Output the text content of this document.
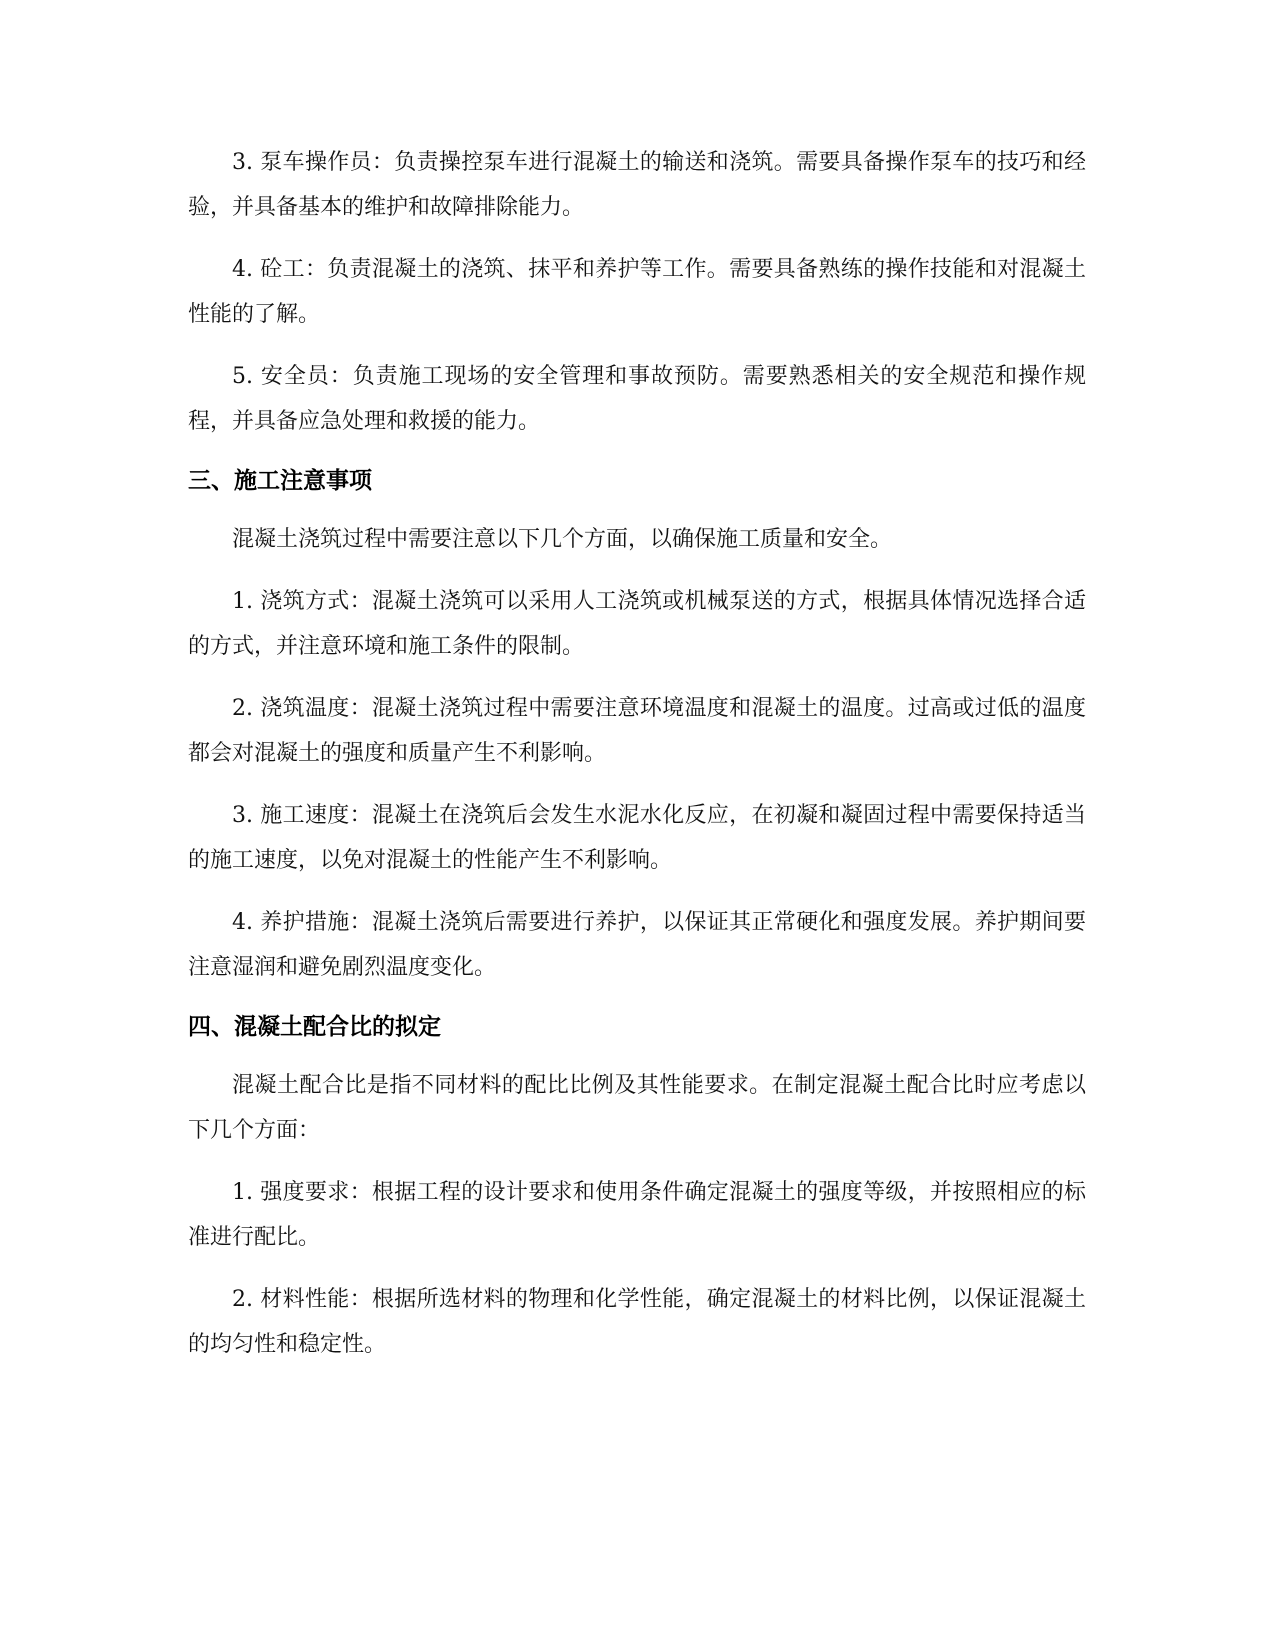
3. 泵车操作员：负责操控泵车进行混凝土的输送和浇筑。需要具备操作泵车的技巧和经验，并具备基本的维护和故障排除能力。

4. 砼工：负责混凝土的浇筑、抹平和养护等工作。需要具备熟练的操作技能和对混凝土性能的了解。

5. 安全员：负责施工现场的安全管理和事故预防。需要熟悉相关的安全规范和操作规程，并具备应急处理和救援的能力。

三、施工注意事项

混凝土浇筑过程中需要注意以下几个方面，以确保施工质量和安全。

1. 浇筑方式：混凝土浇筑可以采用人工浇筑或机械泵送的方式，根据具体情况选择合适的方式，并注意环境和施工条件的限制。

2. 浇筑温度：混凝土浇筑过程中需要注意环境温度和混凝土的温度。过高或过低的温度都会对混凝土的强度和质量产生不利影响。

3. 施工速度：混凝土在浇筑后会发生水泥水化反应，在初凝和凝固过程中需要保持适当的施工速度，以免对混凝土的性能产生不利影响。

4. 养护措施：混凝土浇筑后需要进行养护，以保证其正常硬化和强度发展。养护期间要注意湿润和避免剧烈温度变化。

四、混凝土配合比的拟定

混凝土配合比是指不同材料的配比比例及其性能要求。在制定混凝土配合比时应考虑以下几个方面：

1. 强度要求：根据工程的设计要求和使用条件确定混凝土的强度等级，并按照相应的标准进行配比。

2. 材料性能：根据所选材料的物理和化学性能，确定混凝土的材料比例，以保证混凝土的均匀性和稳定性。
